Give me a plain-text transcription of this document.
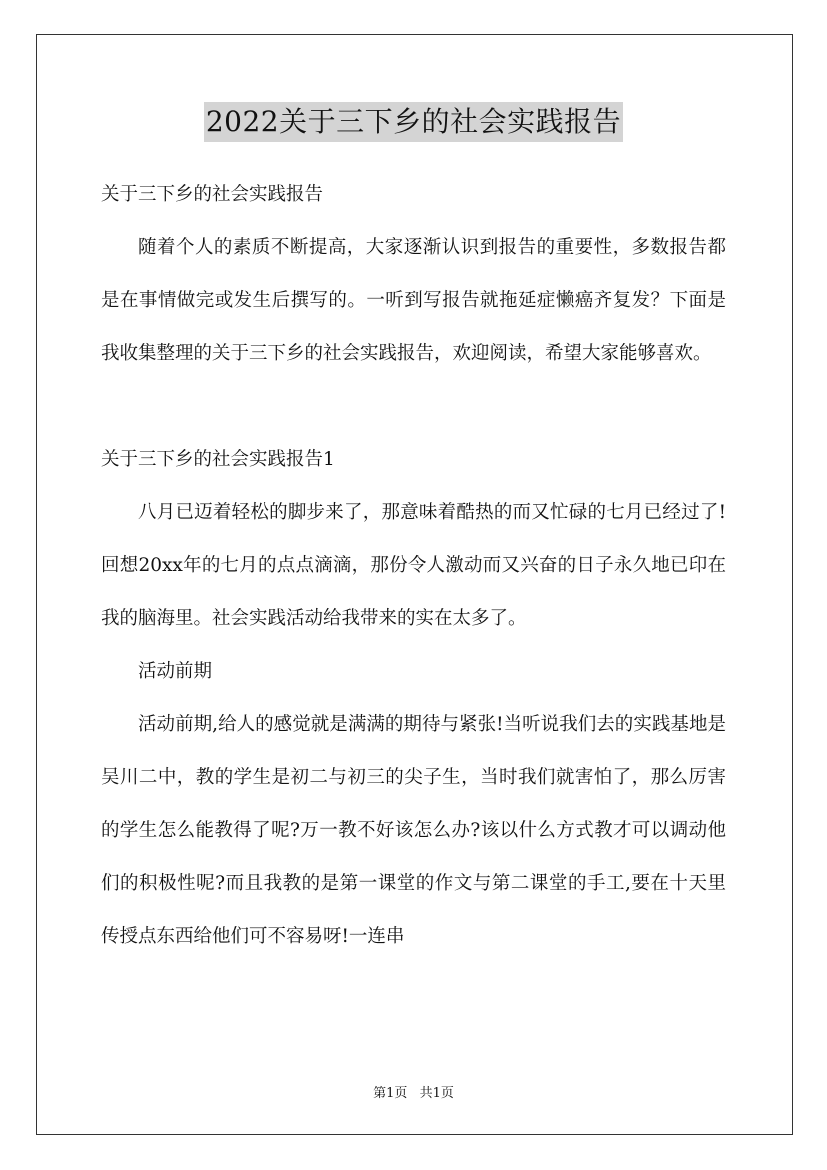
2022关于三下乡的社会实践报告

关于三下乡的社会实践报告

随着个人的素质不断提高，大家逐渐认识到报告的重要性，多数报告都是在事情做完或发生后撰写的。一听到写报告就拖延症懒癌齐复发？下面是我收集整理的关于三下乡的社会实践报告，欢迎阅读，希望大家能够喜欢。

关于三下乡的社会实践报告1

八月已迈着轻松的脚步来了，那意味着酷热的而又忙碌的七月已经过了!回想20xx年的七月的点点滴滴，那份令人激动而又兴奋的日子永久地已印在我的脑海里。社会实践活动给我带来的实在太多了。

活动前期

活动前期,给人的感觉就是满满的期待与紧张!当听说我们去的实践基地是吴川二中，教的学生是初二与初三的尖子生，当时我们就害怕了，那么厉害的学生怎么能教得了呢?万一教不好该怎么办?该以什么方式教才可以调动他们的积极性呢?而且我教的是第一课堂的作文与第二课堂的手工,要在十天里传授点东西给他们可不容易呀!一连串

第1页 共1页
